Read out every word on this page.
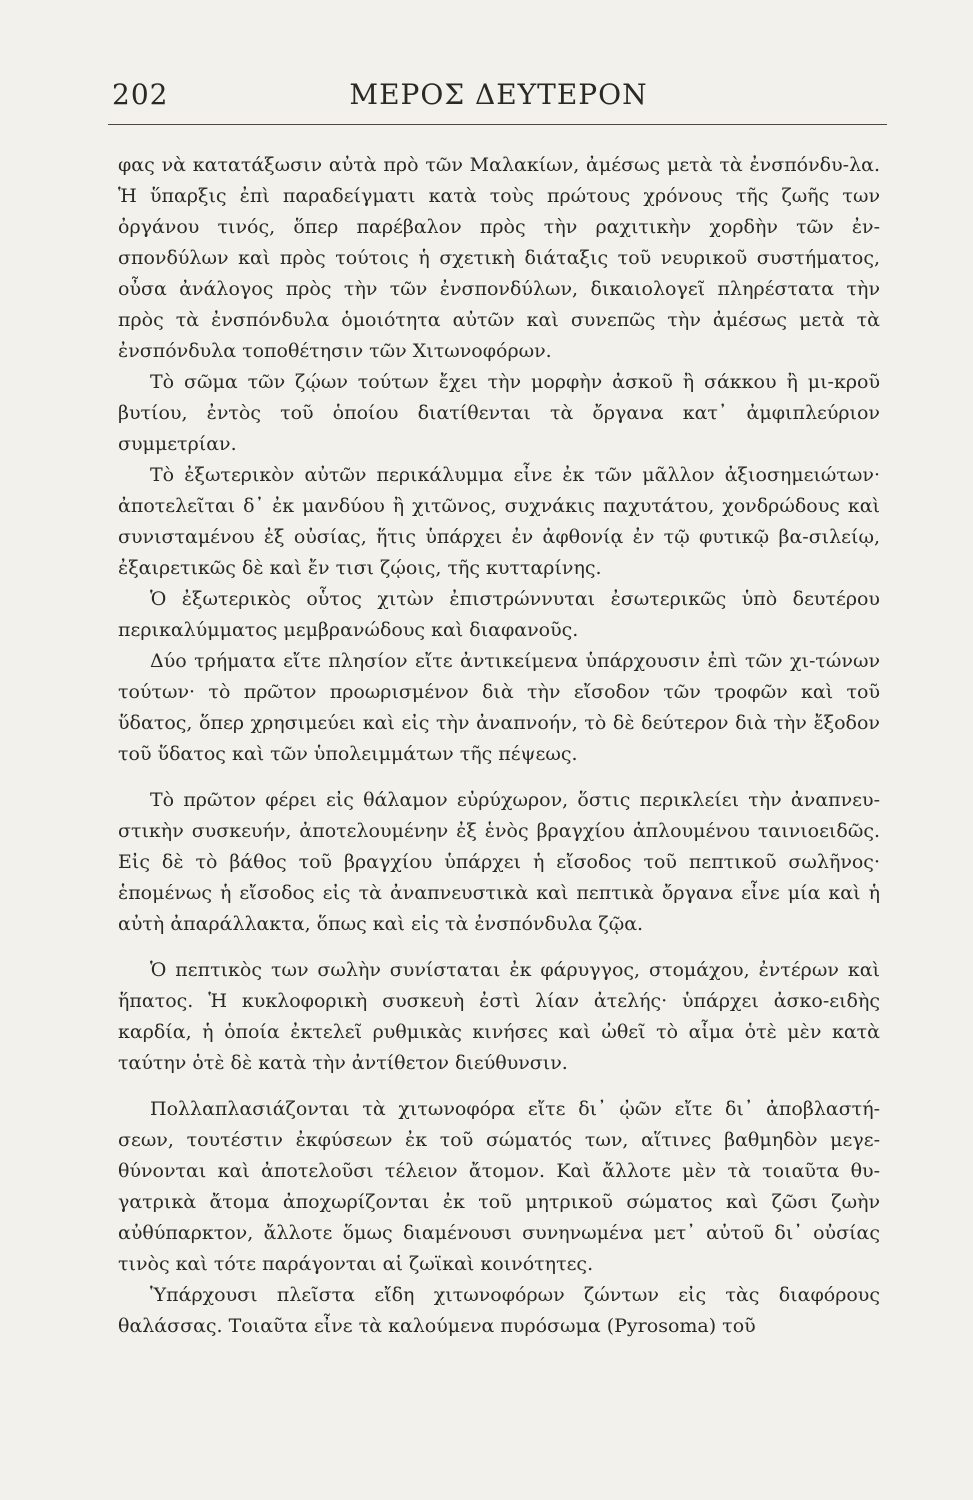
202	ΜΕΡΟΣ ΔΕΥΤΕΡΟΝ

φας νὰ κατατάξωσιν αὐτὰ πρὸ τῶν Μαλακίων, ἀμέσως μετὰ τὰ ἐνσπόνδυ-λα. Ἡ ὕπαρξις ἐπὶ παραδείγματι κατὰ τοὺς πρώτους χρόνους τῆς ζωῆς των ὀργάνου τινός, ὅπερ παρέβαλον πρὸς τὴν ραχιτικὴν χορδὴν τῶν ἐν-σπονδύλων καὶ πρὸς τούτοις ἡ σχετικὴ διάταξις τοῦ νευρικοῦ συστήματος, οὖσα ἀνάλογος πρὸς τὴν τῶν ἐνσπονδύλων, δικαιολογεῖ πληρέστατα τὴν πρὸς τὰ ἐνσπόνδυλα ὁμοιότητα αὐτῶν καὶ συνεπῶς τὴν ἀμέσως μετὰ τὰ ἐνσπόνδυλα τοποθέτησιν τῶν Χιτωνοφόρων.

Τὸ σῶμα τῶν ζῴων τούτων ἔχει τὴν μορφὴν ἀσκοῦ ἢ σάκκου ἢ μι-κροῦ βυτίου, ἐντὸς τοῦ ὁποίου διατίθενται τὰ ὄργανα κατ᾽ ἀμφιπλεύριον συμμετρίαν.

Τὸ ἐξωτερικὸν αὐτῶν περικάλυμμα εἶνε ἐκ τῶν μᾶλλον ἀξιοσημειώτων· ἀποτελεῖται δ᾽ ἐκ μανδύου ἢ χιτῶνος, συχνάκις παχυτάτου, χονδρώδους καὶ συνισταμένου ἐξ οὐσίας, ἥτις ὑπάρχει ἐν ἀφθονίᾳ ἐν τῷ φυτικῷ βα-σιλείῳ, ἐξαιρετικῶς δὲ καὶ ἔν τισι ζῴοις, τῆς κυτταρίνης.

Ὁ ἐξωτερικὸς οὗτος χιτὼν ἐπιστρώννυται ἐσωτερικῶς ὑπὸ δευτέρου περικαλύμματος μεμβρανώδους καὶ διαφανοῦς.

Δύο τρήματα εἴτε πλησίον εἴτε ἀντικείμενα ὑπάρχουσιν ἐπὶ τῶν χι-τώνων τούτων· τὸ πρῶτον προωρισμένον διὰ τὴν εἴσοδον τῶν τροφῶν καὶ τοῦ ὕδατος, ὅπερ χρησιμεύει καὶ εἰς τὴν ἀναπνοήν, τὸ δὲ δεύτερον διὰ τὴν ἔξοδον τοῦ ὕδατος καὶ τῶν ὑπολειμμάτων τῆς πέψεως.

Τὸ πρῶτον φέρει εἰς θάλαμον εὐρύχωρον, ὅστις περικλείει τὴν ἀναπνευ-στικὴν συσκευήν, ἀποτελουμένην ἐξ ἑνὸς βραγχίου ἁπλουμένου ταινιοειδῶς. Εἰς δὲ τὸ βάθος τοῦ βραγχίου ὑπάρχει ἡ εἴσοδος τοῦ πεπτικοῦ σωλῆνος· ἑπομένως ἡ εἴσοδος εἰς τὰ ἀναπνευστικὰ καὶ πεπτικὰ ὄργανα εἶνε μία καὶ ἡ αὐτὴ ἀπαράλλακτα, ὅπως καὶ εἰς τὰ ἐνσπόνδυλα ζῷα.

Ὁ πεπτικὸς των σωλὴν συνίσταται ἐκ φάρυγγος, στομάχου, ἐντέρων καὶ ἥπατος. Ἡ κυκλοφορικὴ συσκευὴ ἐστὶ λίαν ἀτελής· ὑπάρχει ἀσκο-ειδὴς καρδία, ἡ ὁποία ἐκτελεῖ ρυθμικὰς κινήσες καὶ ὠθεῖ τὸ αἷμα ὁτὲ μὲν κατὰ ταύτην ὁτὲ δὲ κατὰ τὴν ἀντίθετον διεύθυνσιν.

Πολλαπλασιάζονται τὰ χιτωνοφόρα εἴτε δι᾽ ᾠῶν εἴτε δι᾽ ἀποβλαστή-σεων, τουτέστιν ἐκφύσεων ἐκ τοῦ σώματός των, αἵτινες βαθμηδὸν μεγε-θύνονται καὶ ἀποτελοῦσι τέλειον ἄτομον. Καὶ ἄλλοτε μὲν τὰ τοιαῦτα θυ-γατρικὰ ἄτομα ἀποχωρίζονται ἐκ τοῦ μητρικοῦ σώματος καὶ ζῶσι ζωὴν αὐθύπαρκτον, ἄλλοτε ὅμως διαμένουσι συνηνωμένα μετ᾽ αὐτοῦ δι᾽ οὐσίας τινὸς καὶ τότε παράγονται αἱ ζωϊκαὶ κοινότητες.

Ὑπάρχουσι πλεῖστα εἴδη χιτωνοφόρων ζώντων εἰς τὰς διαφόρους θαλάσσας. Τοιαῦτα εἶνε τὰ καλούμενα πυρόσωμα (Pyrosoma) τοῦ
